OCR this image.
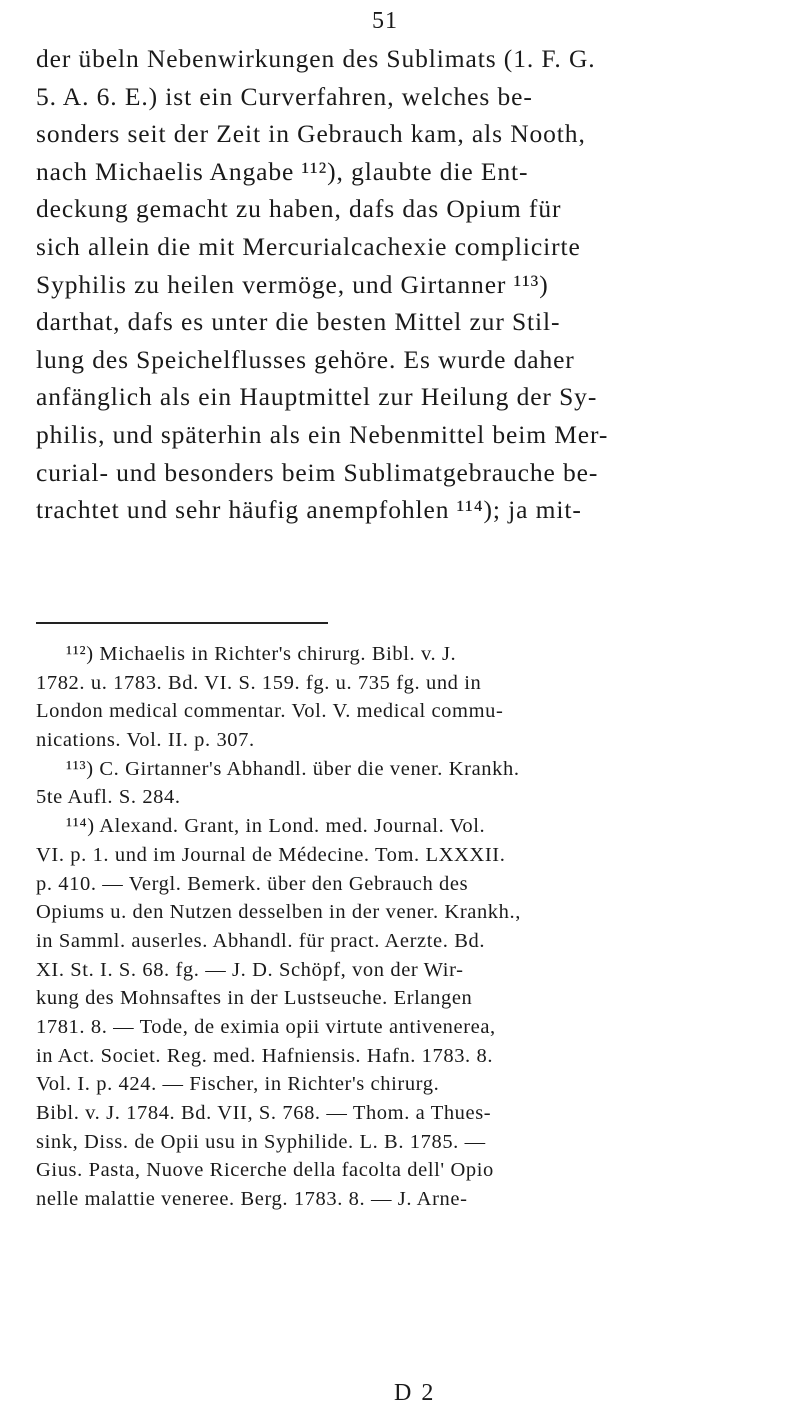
51
der übeln Nebenwirkungen des Sublimats (1. F. G.
5. A. 6. E.) ist ein Curverfahren, welches be-
sonders seit der Zeit in Gebrauch kam, als Nooth,
nach Michaelis Angabe ¹¹²), glaubte die Ent-
deckung gemacht zu haben, dafs das Opium für
sich allein die mit Mercurialcachexie complicirte
Syphilis zu heilen vermöge, und Girtanner ¹¹³)
darthat, dafs es unter die besten Mittel zur Stil-
lung des Speichelflusses gehöre. Es wurde daher
anfänglich als ein Hauptmittel zur Heilung der Sy-
philis, und späterhin als ein Nebenmittel beim Mer-
curial- und besonders beim Sublimatgebrauche be-
trachtet und sehr häufig anempfohlen ¹¹⁴); ja mit-
¹¹²) Michaelis in Richter's chirurg. Bibl. v. J.
1782. u. 1783. Bd. VI. S. 159. fg. u. 735 fg. und in
London medical commentar. Vol. V. medical commu-
nications. Vol. II. p. 307.
¹¹³) C. Girtanner's Abhandl. über die vener. Krankh.
5te Aufl. S. 284.
¹¹⁴) Alexand. Grant, in Lond. med. Journal. Vol.
VI. p. 1. und im Journal de Médecine. Tom. LXXXII.
p. 410. — Vergl. Bemerk. über den Gebrauch des
Opiums u. den Nutzen desselben in der vener. Krankh.,
in Samml. auserles. Abhandl. für pract. Aerzte. Bd.
XI. St. I. S. 68. fg. — J. D. Schöpf, von der Wir-
kung des Mohnsaftes in der Lustseuche. Erlangen
1781. 8. — Tode, de eximia opii virtute antivenerea,
in Act. Societ. Reg. med. Hafniensis. Hafn. 1783. 8.
Vol. I. p. 424. — Fischer, in Richter's chirurg.
Bibl. v. J. 1784. Bd. VII, S. 768. — Thom. a Thues-
sink, Diss. de Opii usu in Syphilide. L. B. 1785. —
Gius. Pasta, Nuove Ricerche della facolta dell' Opio
nelle malattie veneree. Berg. 1783. 8. — J. Arne-
D 2
